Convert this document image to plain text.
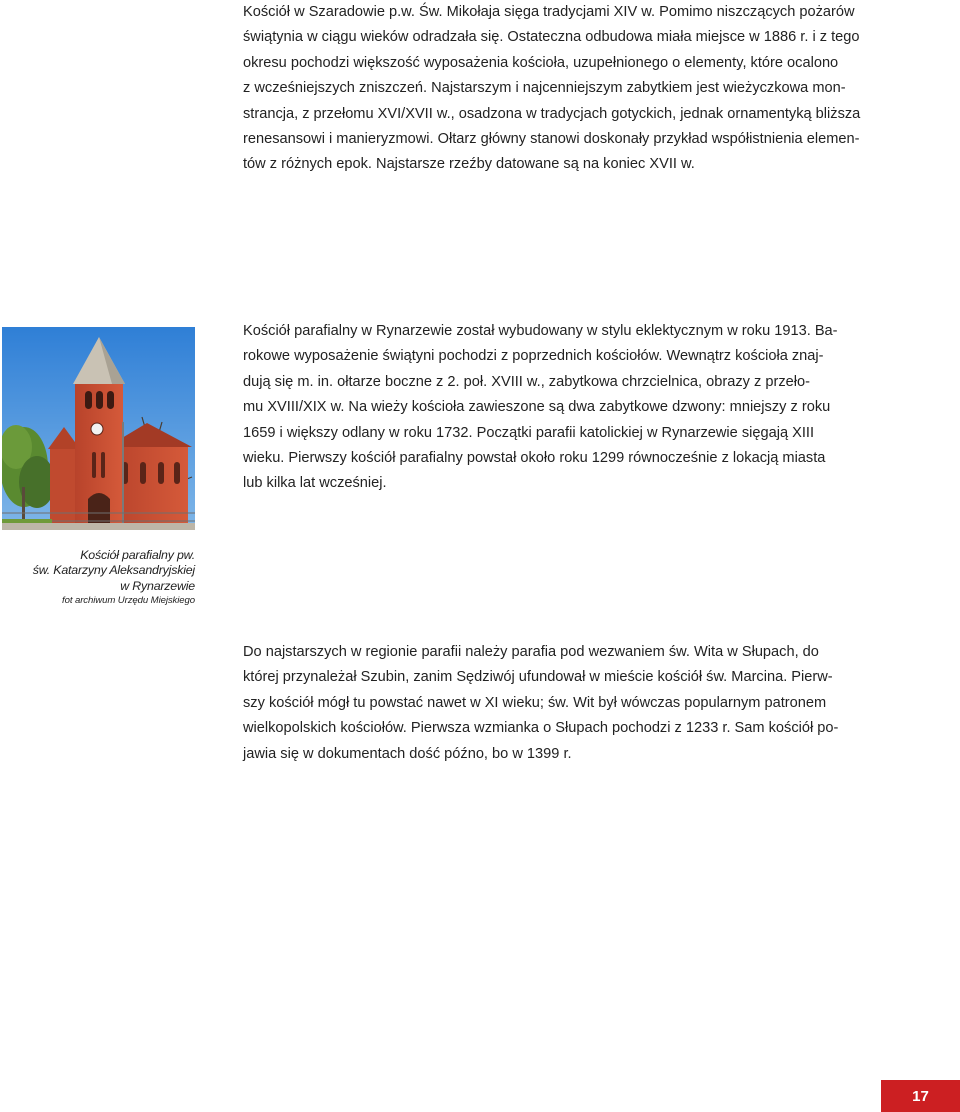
Kościół w Szaradowie p.w. Św. Mikołaja sięga tradycjami XIV w. Pomimo niszczących pożarów
świątynia w ciągu wieków odradzała się. Ostateczna odbudowa miała miejsce w 1886 r. i z tego
okresu pochodzi większość wyposażenia kościoła, uzupełnionego o elementy, które ocalono
z wcześniejszych zniszczeń. Najstarszym i najcenniejszym zabytkiem jest wieżyczkowa mon-
strancja, z przełomu XVI/XVII w., osadzona w tradycjach gotyckich, jednak ornamentyką bliższa
renesansowi i manieryzmowi. Ołtarz główny stanowi doskonały przykład współistnienia elemen-
tów z różnych epok. Najstarsze rzeźby datowane są na koniec XVII w.

Kościół parafialny pw.
św. Katarzyny Aleksandryjskiej
w Rynarzewie
fot archiwum Urzędu Miejskiego

Kościół parafialny w Rynarzewie został wybudowany w stylu eklektycznym w roku 1913. Ba-
rokowe wyposażenie świątyni pochodzi z poprzednich kościołów. Wewnątrz kościoła znaj-
dują się m. in. ołtarze boczne z 2. poł. XVIII w., zabytkowa chrzcielnica, obrazy z przeło-
mu XVIII/XIX w. Na wieży kościoła zawieszone są dwa zabytkowe dzwony: mniejszy z roku
1659 i większy odlany w roku 1732. Początki parafii katolickiej w Rynarzewie sięgają XIII
wieku. Pierwszy kościół parafialny powstał około roku 1299 równocześnie z lokacją miasta
lub kilka lat wcześniej.

Do najstarszych w regionie parafii należy parafia pod wezwaniem św. Wita w Słupach, do
której przynależał Szubin, zanim Sędziwój ufundował w mieście kościół św. Marcina. Pierw-
szy kościół mógł tu powstać nawet w XI wieku; św. Wit był wówczas popularnym patronem
wielkopolskich kościołów. Pierwsza wzmianka o Słupach pochodzi z 1233 r. Sam kościół po-
jawia się w dokumentach dość późno, bo w 1399 r.

17
